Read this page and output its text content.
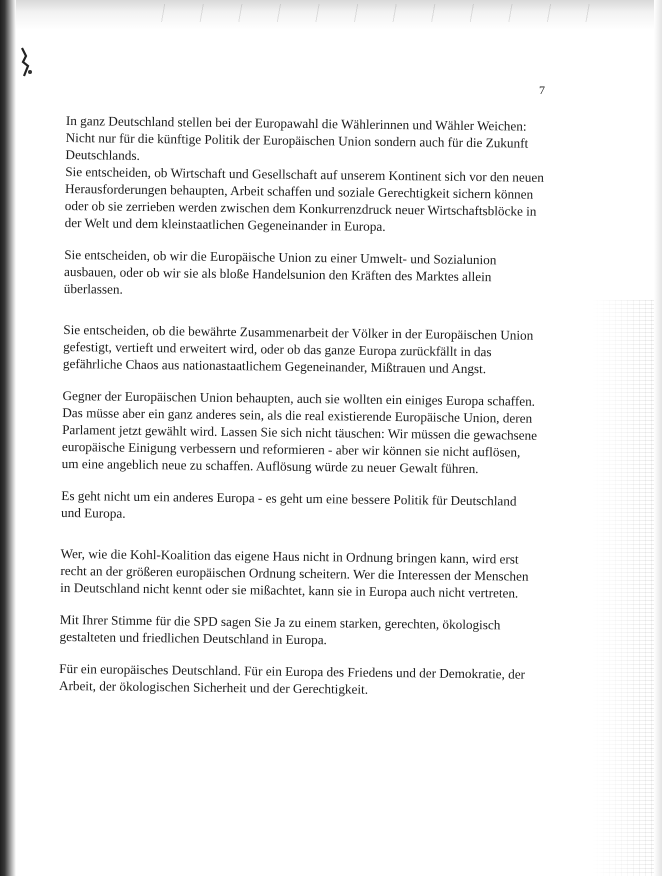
7

In ganz Deutschland stellen bei der Europawahl die Wählerinnen und Wähler Weichen:
Nicht nur für die künftige Politik der Europäischen Union sondern auch für die Zukunft
Deutschlands.

Sie entscheiden, ob Wirtschaft und Gesellschaft auf unserem Kontinent sich vor den neuen
Herausforderungen behaupten, Arbeit schaffen und soziale Gerechtigkeit sichern können
oder ob sie zerrieben werden zwischen dem Konkurrenzdruck neuer Wirtschaftsblöcke in
der Welt und dem kleinstaatlichen Gegeneinander in Europa.

Sie entscheiden, ob wir die Europäische Union zu einer Umwelt- und Sozialunion
ausbauen, oder ob wir sie als bloße Handelsunion den Kräften des Marktes allein
überlassen.

Sie entscheiden, ob die bewährte Zusammenarbeit der Völker in der Europäischen Union
gefestigt, vertieft und erweitert wird, oder ob das ganze Europa zurückfällt in das
gefährliche Chaos aus nationastaatlichem Gegeneinander, Mißtrauen und Angst.

Gegner der Europäischen Union behaupten, auch sie wollten ein einiges Europa schaffen.
Das müsse aber ein ganz anderes sein, als die real existierende Europäische Union, deren
Parlament jetzt gewählt wird. Lassen Sie sich nicht täuschen: Wir müssen die gewachsene
europäische Einigung verbessern und reformieren - aber wir können sie nicht auflösen,
um eine angeblich neue zu schaffen. Auflösung würde zu neuer Gewalt führen.

Es geht nicht um ein anderes Europa - es geht um eine bessere Politik für Deutschland
und Europa.

Wer, wie die Kohl-Koalition das eigene Haus nicht in Ordnung bringen kann, wird erst
recht an der größeren europäischen Ordnung scheitern. Wer die Interessen der Menschen
in Deutschland nicht kennt oder sie mißachtet, kann sie in Europa auch nicht vertreten.

Mit Ihrer Stimme für die SPD sagen Sie Ja zu einem starken, gerechten, ökologisch
gestalteten und friedlichen Deutschland in Europa.

Für ein europäisches Deutschland. Für ein Europa des Friedens und der Demokratie, der
Arbeit, der ökologischen Sicherheit und der Gerechtigkeit.
